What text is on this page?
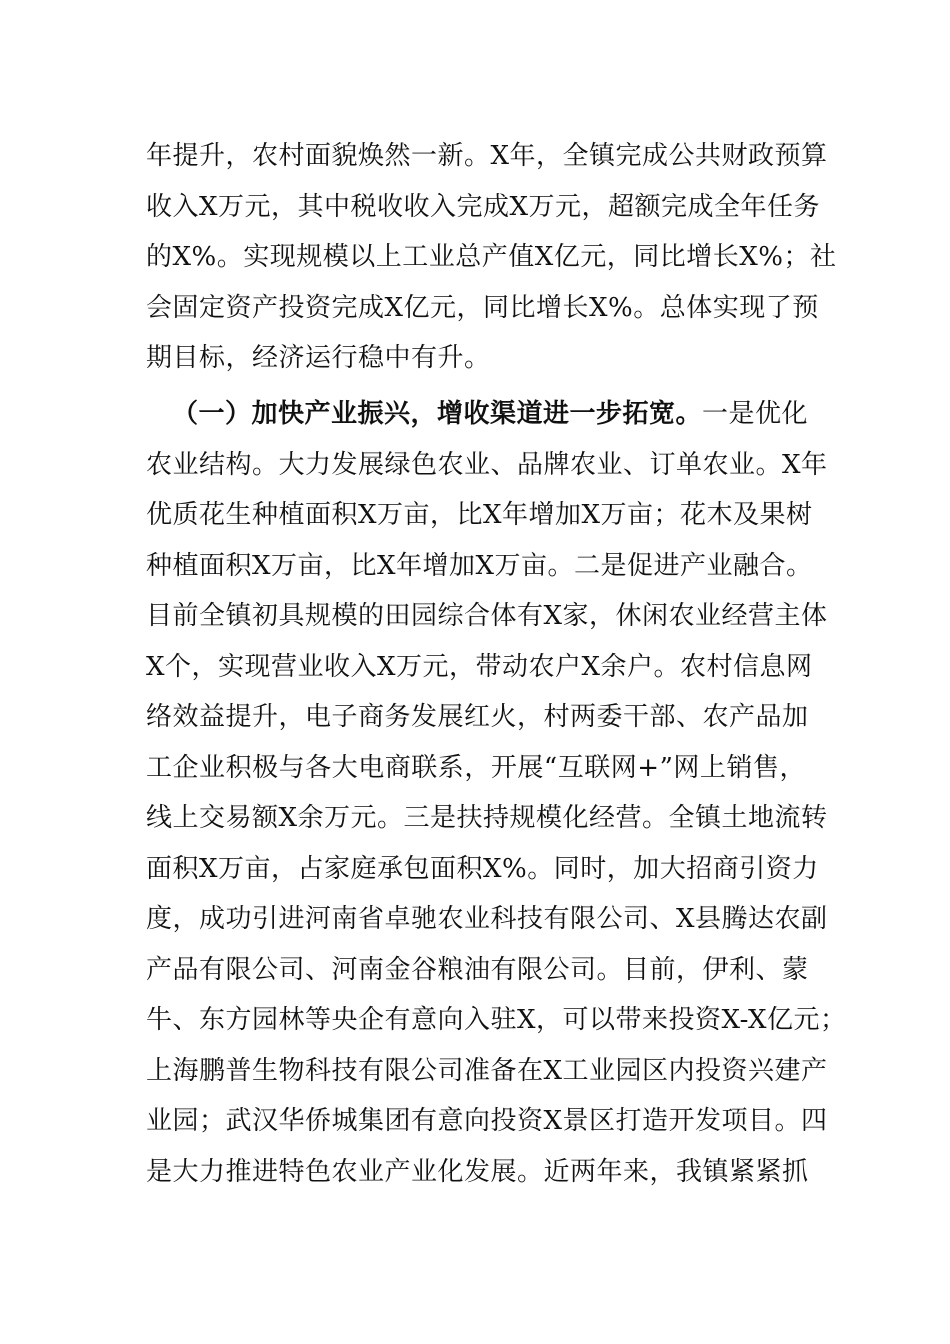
年提升，农村面貌焕然一新。X年，全镇完成公共财政预算
收入X万元，其中税收收入完成X万元，超额完成全年任务
的X%。实现规模以上工业总产值X亿元，同比增长X%；社
会固定资产投资完成X亿元，同比增长X%。总体实现了预
期目标，经济运行稳中有升。
（一）加快产业振兴，增收渠道进一步拓宽。一是优化
农业结构。大力发展绿色农业、品牌农业、订单农业。X年
优质花生种植面积X万亩，比X年增加X万亩；花木及果树
种植面积X万亩，比X年增加X万亩。二是促进产业融合。
目前全镇初具规模的田园综合体有X家，休闲农业经营主体
X个，实现营业收入X万元，带动农户X余户。农村信息网
络效益提升，电子商务发展红火，村两委干部、农产品加
工企业积极与各大电商联系，开展“互联网+”网上销售，
线上交易额X余万元。三是扶持规模化经营。全镇土地流转
面积X万亩，占家庭承包面积X%。同时，加大招商引资力
度，成功引进河南省卓驰农业科技有限公司、X县腾达农副
产品有限公司、河南金谷粮油有限公司。目前，伊利、蒙
牛、东方园林等央企有意向入驻X，可以带来投资X-X亿元；
上海鹏普生物科技有限公司准备在X工业园区内投资兴建产
业园；武汉华侨城集团有意向投资X景区打造开发项目。四
是大力推进特色农业产业化发展。近两年来，我镇紧紧抓
